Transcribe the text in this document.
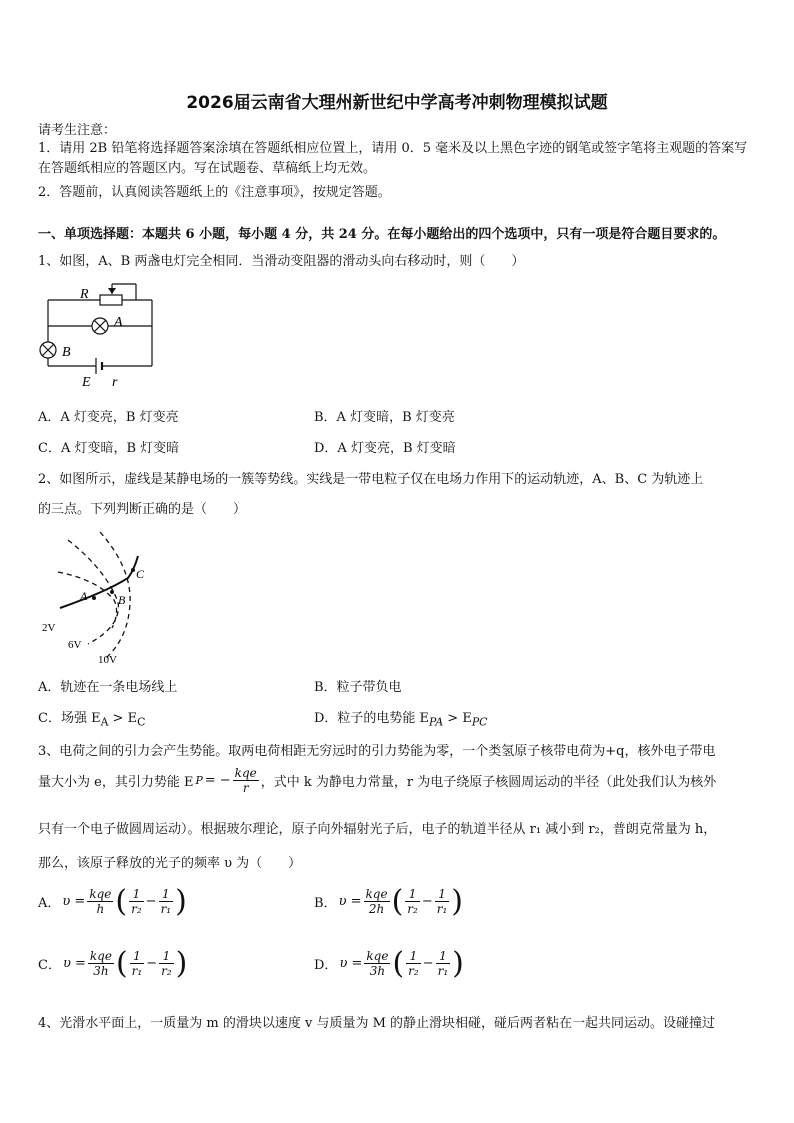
2026届云南省大理州新世纪中学高考冲刺物理模拟试题
请考生注意：
1．请用 2B 铅笔将选择题答案涂填在答题纸相应位置上，请用 0．5 毫米及以上黑色字迹的钢笔或签字笔将主观题的答案写在答题纸相应的答题区内。写在试题卷、草稿纸上均无效。
2．答题前，认真阅读答题纸上的《注意事项》，按规定答题。
一、单项选择题：本题共 6 小题，每小题 4 分，共 24 分。在每小题给出的四个选项中，只有一项是符合题目要求的。
1、如图，A、B 两盏电灯完全相同．当滑动变阻器的滑动头向右移动时，则（　　）
R
A
B
E r
A．A 灯变亮，B 灯变亮	B．A 灯变暗，B 灯变亮
C．A 灯变暗，B 灯变暗	D．A 灯变亮，B 灯变暗
2、如图所示，虚线是某静电场的一簇等势线。实线是一带电粒子仅在电场力作用下的运动轨迹，A、B、C 为轨迹上
的三点。下列判断正确的是（　　）
A	B
C
2V
6V
10V
A．轨迹在一条电场线上	B．粒子带负电
C．场强 $E_A > E_C$	D．粒子的电势能 $E_{PA} > E_{PC}$
3、电荷之间的引力会产生势能。取两电荷相距无穷远时的引力势能为零，一个类氢原子核带电荷为+q，核外电子带电
量大小为 e，其引力势能 E P = − $\frac{\text{kqe}}{r}$ ，式中 k 为静电力常量，r 为电子绕原子核圆周运动的半径（此处我们认为核外
只有一个电子做圆周运动）。根据玻尔理论，原子向外辐射光子后，电子的轨道半径从 r₁ 减小到 r₂，普朗克常量为 h，
那么，该原子释放的光子的频率 υ 为（　　）
A． $\upsilon = \frac{\text{kqe}}{h}$ ( $\frac{1}{\text{r₂}} - \frac{1}{\text{r₁}}$ )	B． $\upsilon = \frac{\text{kqe}}{2h}$ ( $\frac{1}{\text{r₂}} - \frac{1}{\text{r₁}}$ )
C． $\upsilon = \frac{\text{kqe}}{3h}$ ( $\frac{1}{\text{r₁}} - \frac{1}{\text{r₂}}$ )	D． $\upsilon = \frac{\text{kqe}}{3h}$ ( $\frac{1}{\text{r₂}} - \frac{1}{\text{r₁}}$ )
4、光滑水平面上，一质量为 m 的滑块以速度 v 与质量为 M 的静止滑块相碰，碰后两者粘在一起共同运动。设碰撞过
